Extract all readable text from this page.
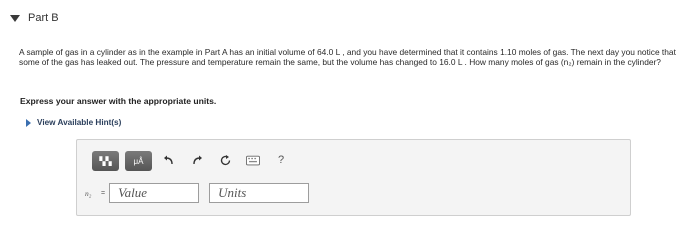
Part B
A sample of gas in a cylinder as in the example in Part A has an initial volume of 64.0 L , and you have determined that it contains 1.10 moles of gas. The next day you notice that some of the gas has leaked out. The pressure and temperature remain the same, but the volume has changed to 16.0 L . How many moles of gas (n₂) remain in the cylinder?
Express your answer with the appropriate units.
View Available Hint(s)
▚▚	μÅ	?
n₂	=
Value
Units
